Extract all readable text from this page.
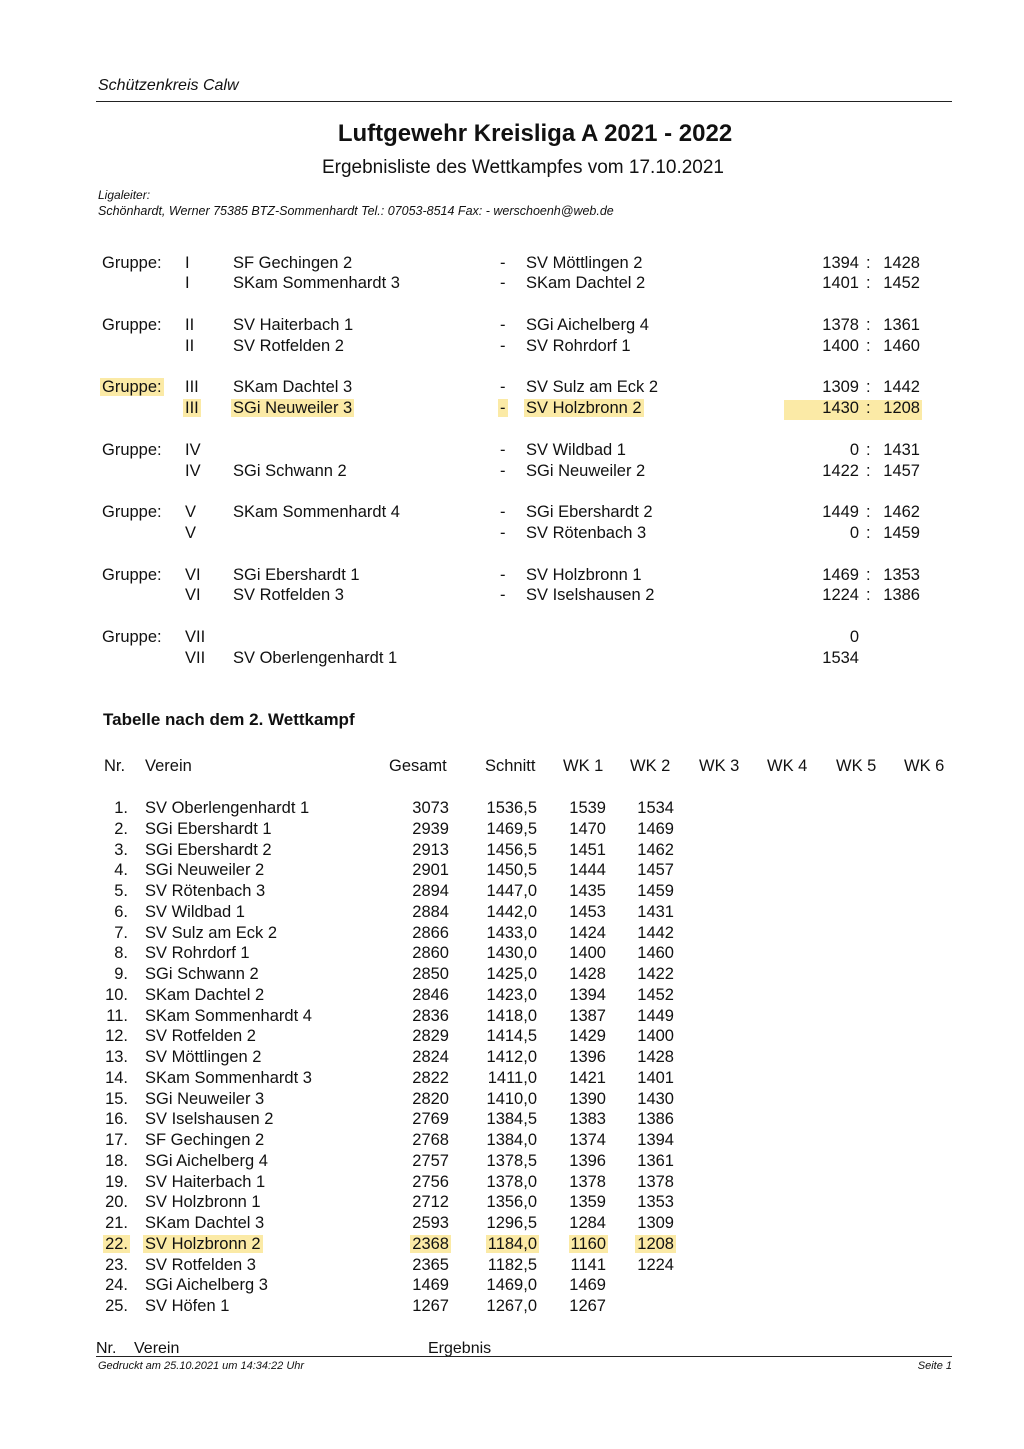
Schützenkreis Calw
Luftgewehr Kreisliga A 2021 - 2022
Ergebnisliste des Wettkampfes vom 17.10.2021
Ligaleiter:
Schönhardt, Werner 75385 BTZ-Sommenhardt Tel.: 07053-8514 Fax: - werschoenh@web.de
Gruppe: I	SF Gechingen 2	- SV Möttlingen 2	1394 : 1428
I	SKam Sommenhardt 3	- SKam Dachtel 2	1401 : 1452
Gruppe: II SV Haiterbach 1	- SGi Aichelberg 4	1378 : 1361
II SV Rotfelden 2	- SV Rohrdorf 1	1400 : 1460
Gruppe: III SKam Dachtel 3	- SV Sulz am Eck 2	1309 : 1442
III SGi Neuweiler 3	- SV Holzbronn 2	1430 : 1208
Gruppe: IV	- SV Wildbad 1	0 : 1431
IV SGi Schwann 2	- SGi Neuweiler 2	1422 : 1457
Gruppe: V SKam Sommenhardt 4	- SGi Ebershardt 2	1449 : 1462
V	- SV Rötenbach 3	0 : 1459
Gruppe: VI SGi Ebershardt 1	- SV Holzbronn 1	1469 : 1353
VI SV Rotfelden 3	- SV Iselshausen 2	1224 : 1386
Gruppe: VII	0
VII SV Oberlengenhardt 1	1534
Tabelle nach dem 2. Wettkampf
Nr. Verein	Gesamt Schnitt WK 1 WK 2 WK 3 WK 4 WK 5 WK 6
1. SV Oberlengenhardt 1	3073	1536,5	1539	1534
2. SGi Ebershardt 1	2939	1469,5	1470	1469
3. SGi Ebershardt 2	2913	1456,5	1451	1462
4. SGi Neuweiler 2	2901	1450,5	1444	1457
5. SV Rötenbach 3	2894	1447,0	1435	1459
6. SV Wildbad 1	2884	1442,0	1453	1431
7. SV Sulz am Eck 2	2866	1433,0	1424	1442
8. SV Rohrdorf 1	2860	1430,0	1400	1460
9. SGi Schwann 2	2850	1425,0	1428	1422
10. SKam Dachtel 2	2846	1423,0	1394	1452
11. SKam Sommenhardt 4	2836	1418,0	1387	1449
12. SV Rotfelden 2	2829	1414,5	1429	1400
13. SV Möttlingen 2	2824	1412,0	1396	1428
14. SKam Sommenhardt 3	2822	1411,0	1421	1401
15. SGi Neuweiler 3	2820	1410,0	1390	1430
16. SV Iselshausen 2	2769	1384,5	1383	1386
17. SF Gechingen 2	2768	1384,0	1374	1394
18. SGi Aichelberg 4	2757	1378,5	1396	1361
19. SV Haiterbach 1	2756	1378,0	1378	1378
20. SV Holzbronn 1	2712	1356,0	1359	1353
21. SKam Dachtel 3	2593	1296,5	1284	1309
22. SV Holzbronn 2	2368	1184,0	1160	1208
23. SV Rotfelden 3	2365	1182,5	1141	1224
24. SGi Aichelberg 3	1469	1469,0	1469
25. SV Höfen 1	1267	1267,0	1267
Nr. Verein	Ergebnis
Gedruckt am 25.10.2021 um 14:34:22 Uhr	Seite 1
